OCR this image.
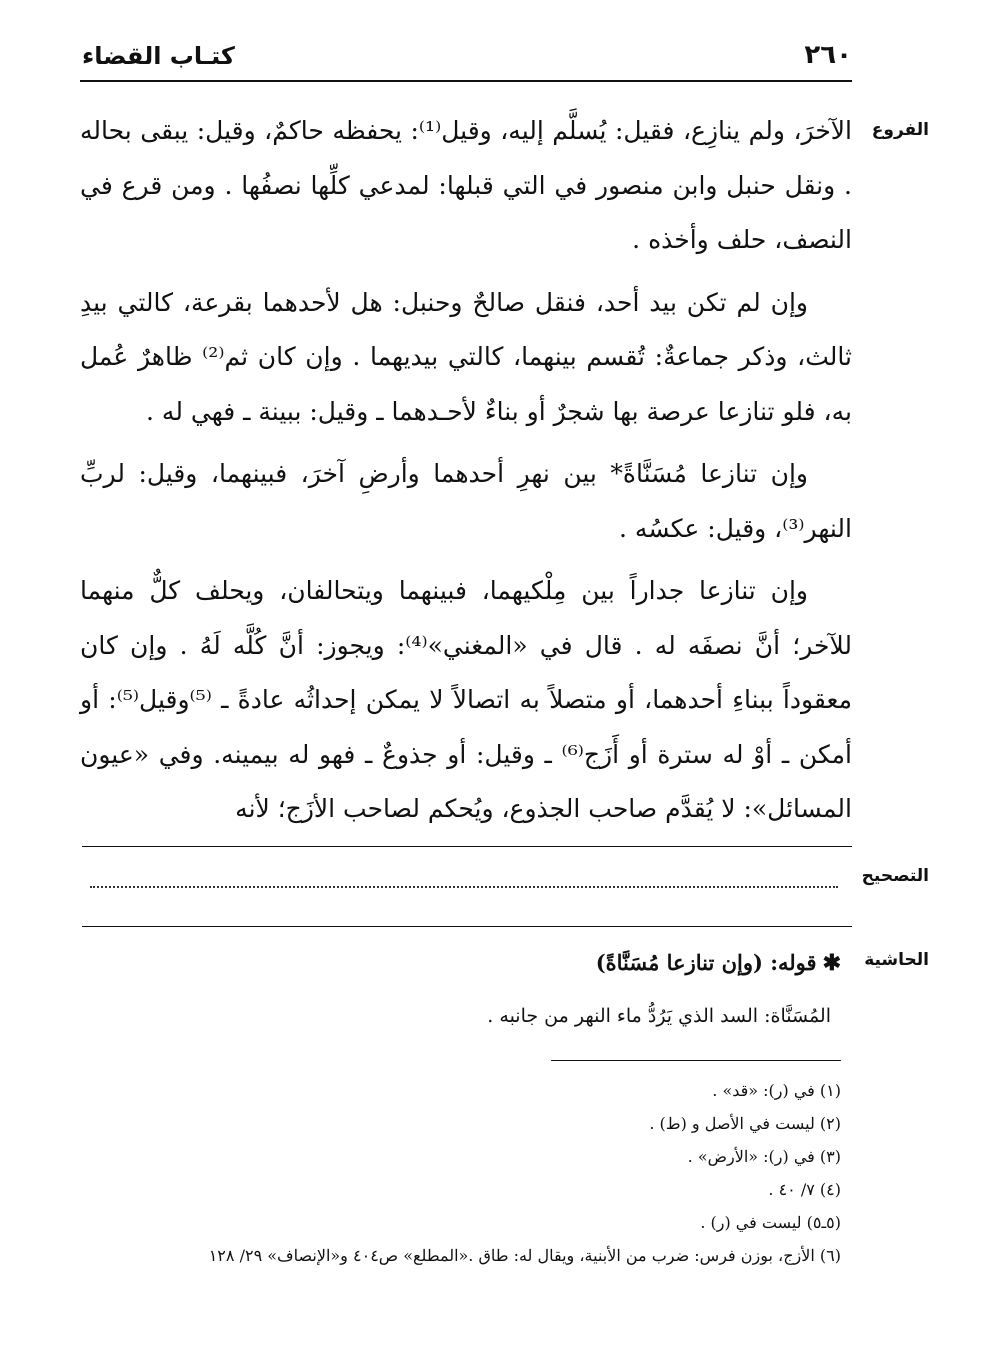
٢٦٠
كتـاب القضاء
الفروع

الآخرَ، ولم ينازِع، فقيل: يُسلَّم إليه، وقيل⁽¹⁾: يحفظه حاكمٌ، وقيل: يبقى بحاله . ونقل حنبل وابن منصور في التي قبلها: لمدعي كلِّها نصفُها . ومن قرع في النصف، حلف وأخذه .

وإن لم تكن بيد أحد، فنقل صالحٌ وحنبل: هل لأحدهما بقرعة، كالتي بيدِ ثالث، وذكر جماعةٌ: تُقسم بينهما، كالتي بيديهما . وإن كان ثم⁽²⁾ ظاهرٌ عُمل به، فلو تنازعا عرصة بها شجرٌ أو بناءٌ لأحـدهما ـ وقيل: ببينة ـ فهي له .

وإن تنازعا مُسَنَّاةً* بين نهرِ أحدهما وأرضِ آخرَ، فبينهما، وقيل: لربِّ النهر⁽³⁾، وقيل: عكسُه .

وإن تنازعا جداراً بين مِلْكيهما، فبينهما ويتحالفان، ويحلف كلٌّ منهما للآخر؛ أنَّ نصفَه له . قال في «المغني»⁽⁴⁾: ويجوز: أنَّ كُلَّه لَهُ . وإن كان معقوداً ببناءِ أحدهما، أو متصلاً به اتصالاً لا يمكن إحداثُه عادةً ـ ⁽⁵⁾وقيل⁽⁵⁾: أو أمكن ـ أوْ له سترة أو أَزَج⁽⁶⁾ ـ وقيل: أو جذوعٌ ـ فهو له بيمينه. وفي «عيون المسائل»: لا يُقدَّم صاحب الجذوع، ويُحكم لصاحب الأزَج؛ لأنه

التصحيح
الحاشية
✱قوله: (وإن تنازعا مُسَنَّاةً)
المُسَنَّاة: السد الذي يَرُدُّ ماء النهر من جانبه .
(١) في (ر): «قد» .
(٢) ليست في الأصل و (ط) .
(٣) في (ر): «الأرض» .
(٤) ٧/ ٤٠ .
(٥ـ٥) ليست في (ر) .
(٦) الأزج، بوزن فرس: ضرب من الأبنية، ويقال له: طاق .«المطلع» ص٤٠٤ و«الإنصاف» ٢٩/ ١٢٨
